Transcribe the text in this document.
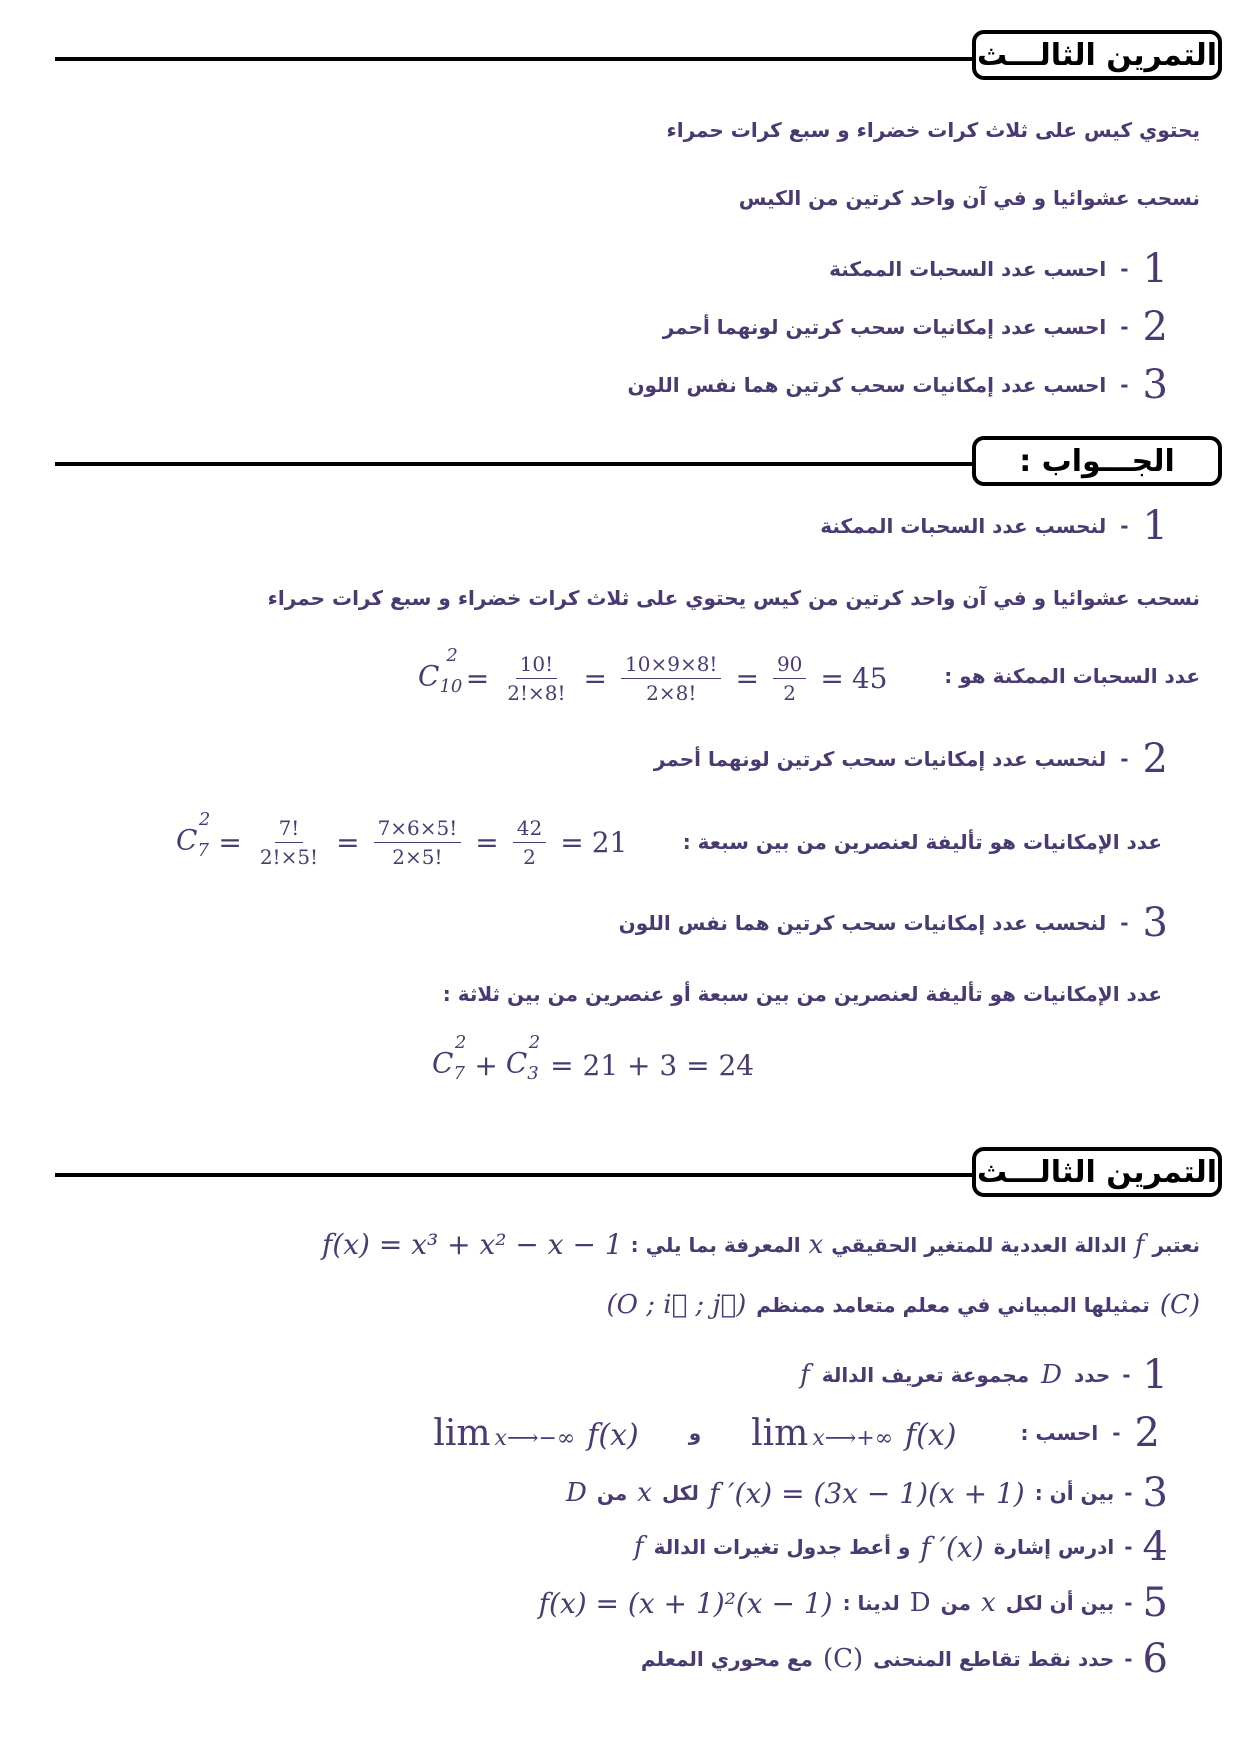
التمرين الثالـــث
يحتوي كيس على ثلاث كرات خضراء و سبع كرات حمراء
نسحب عشوائيا و في آن واحد كرتين من الكيس
1
-
احسب عدد السحبات الممكنة
2
-
احسب عدد إمكانيات سحب كرتين لونهما أحمر
3
-
احسب عدد إمكانيات سحب كرتين هما نفس اللون
الجـــواب :
1
-
لنحسب عدد السحبات الممكنة
نسحب عشوائيا و في آن واحد كرتين من كيس يحتوي على ثلاث كرات خضراء و سبع كرات حمراء
عدد السحبات الممكنة هو :
$C_{10}^2$
= $\frac{10!}{2!\times 8!} = \frac{10\times 9\times 8!}{2\times 8!} = \frac{90}{2} = 45$
2
-
لنحسب عدد إمكانيات سحب كرتين لونهما أحمر
عدد الإمكانيات هو تأليفة لعنصرين من بين سبعة :
$C_7^2$
= $\frac{7!}{2!\times 5!} = \frac{7\times 6\times 5!}{2\times 5!} = \frac{42}{2} = 21$
3
-
لنحسب عدد إمكانيات سحب كرتين هما نفس اللون
عدد الإمكانيات هو تأليفة لعنصرين من بين سبعة أو عنصرين من بين ثلاثة :
$C_7^2$
+ $C_3^2$
= 21 + 3 = 24
التمرين الثالـــث
نعتبر
f
الدالة العددية للمتغير الحقيقي
x
المعرفة بما يلي :
f(x) = x³ + x² − x − 1
(C)
تمثيلها المبياني في معلم متعامد ممنظم
(O ; i⃗ ; j⃗)
1
-
حدد
D
مجموعة تعريف الدالة
f
2
-
احسب :
lim x⟶+∞ f(x)
و
lim x⟶−∞ f(x)
3
-
بين أن :
f ′(x) = (3x − 1)(x + 1)
لكل
x
من
D
4
-
ادرس إشارة
f ′(x)
و أعط جدول تغيرات الدالة
f
5
-
بين أن لكل
x
من
D
لدينا :
f(x) = (x + 1)²(x − 1)
6
-
حدد نقط تقاطع المنحنى
(C)
مع محوري المعلم
